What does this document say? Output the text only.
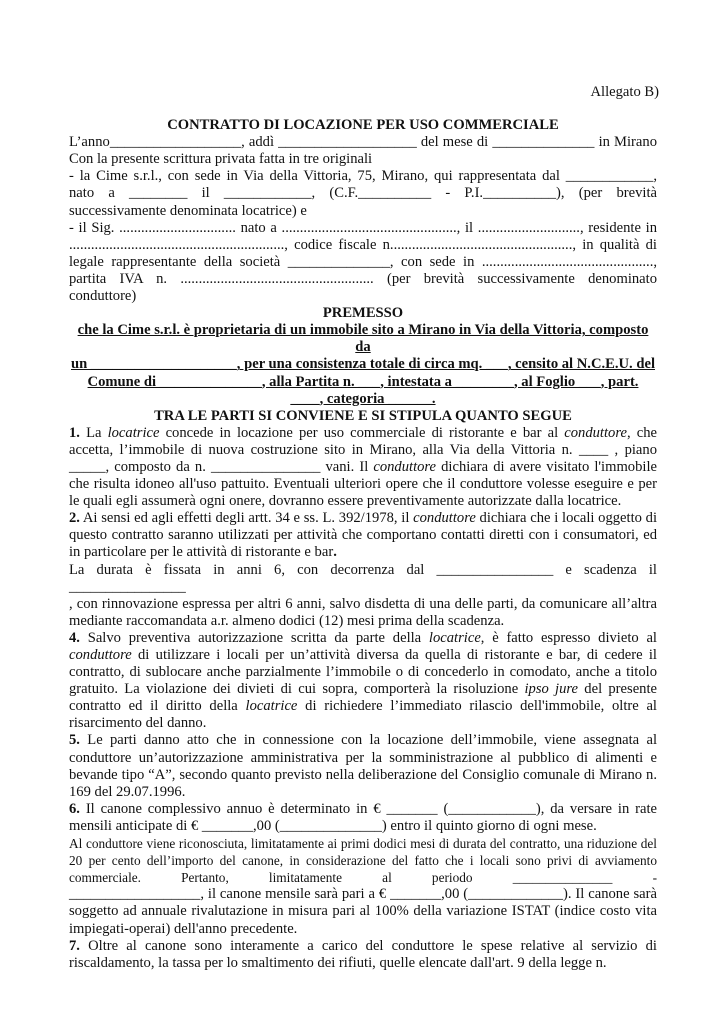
Allegato B)
CONTRATTO DI LOCAZIONE PER USO COMMERCIALE
L’anno__________________, addì ___________________ del mese di ______________ in Mirano
Con la presente scrittura privata fatta in tre originali
- la Cime s.r.l., con sede in Via della Vittoria, 75, Mirano, qui rappresentata dal ____________,
nato a ________ il ____________, (C.F.__________ - P.I.__________), (per brevità
successivamente denominata locatrice) e
- il Sig. ................................ nato a ................................................, il ............................, residente in
..........................................................., codice fiscale n.................................................., in qualità di
legale rappresentante della società ______________, con sede in ...............................................,
partita IVA n. ..................................................... (per brevità successivamente denominato
conduttore)
PREMESSO
che la Cime s.r.l. è proprietaria di un immobile sito a Mirano in Via della Vittoria, composto da
un ____________________, per una consistenza totale di circa mq. ___, censito al N.C.E.U. del
Comune di ______________, alla Partita n. ___, intestata a ________, al Foglio ___, part.
____, categoria ______.
TRA LE PARTI SI CONVIENE E SI STIPULA QUANTO SEGUE
1. La locatrice concede in locazione per uso commerciale di ristorante e bar al conduttore, che accetta, l’immobile di nuova costruzione sito in Mirano, alla Via della Vittoria n. ____ , piano _____, composto da n. _______________ vani. Il conduttore dichiara di avere visitato l'immobile che risulta idoneo all'uso pattuito. Eventuali ulteriori opere che il conduttore volesse eseguire e per le quali egli assumerà ogni onere, dovranno essere preventivamente autorizzate dalla locatrice.
2. Ai sensi ed agli effetti degli artt. 34 e ss. L. 392/1978, il conduttore dichiara che i locali oggetto di questo contratto saranno utilizzati per attività che comportano contatti diretti con i consumatori, ed in particolare per le attività di ristorante e bar.
La durata è fissata in anni 6, con decorrenza dal ________________ e scadenza il ________________
, con rinnovazione espressa per altri 6 anni, salvo disdetta di una delle parti, da comunicare all’altra mediante raccomandata a.r. almeno dodici (12) mesi prima della scadenza.
4. Salvo preventiva autorizzazione scritta da parte della locatrice, è fatto espresso divieto al conduttore di utilizzare i locali per un’attività diversa da quella di ristorante e bar, di cedere il contratto, di sublocare anche parzialmente l’immobile o di concederlo in comodato, anche a titolo gratuito. La violazione dei divieti di cui sopra, comporterà la risoluzione ipso jure del presente contratto ed il diritto della locatrice di richiedere l’immediato rilascio dell'immobile, oltre al risarcimento del danno.
5. Le parti danno atto che in connessione con la locazione dell’immobile, viene assegnata al conduttore un’autorizzazione amministrativa per la somministrazione al pubblico di alimenti e bevande tipo “A”, secondo quanto previsto nella deliberazione del Consiglio comunale di Mirano n. 169 del 29.07.1996.
6. Il canone complessivo annuo è determinato in € _______ (____________), da versare in rate mensili anticipate di € _______,00 (______________) entro il quinto giorno di ogni mese.
Al conduttore viene riconosciuta, limitatamente ai primi dodici mesi di durata del contratto, una riduzione del 20 per cento dell’importo del canone, in considerazione del fatto che i locali sono privi di avviamento commerciale. Pertanto, limitatamente al periodo _______________ -
__________________, il canone mensile sarà pari a € _______,00 (_____________). Il canone sarà soggetto ad annuale rivalutazione in misura pari al 100% della variazione ISTAT (indice costo vita impiegati-operai) dell'anno precedente.
7. Oltre al canone sono interamente a carico del conduttore le spese relative al servizio di riscaldamento, la tassa per lo smaltimento dei rifiuti, quelle elencate dall'art. 9 della legge n.
